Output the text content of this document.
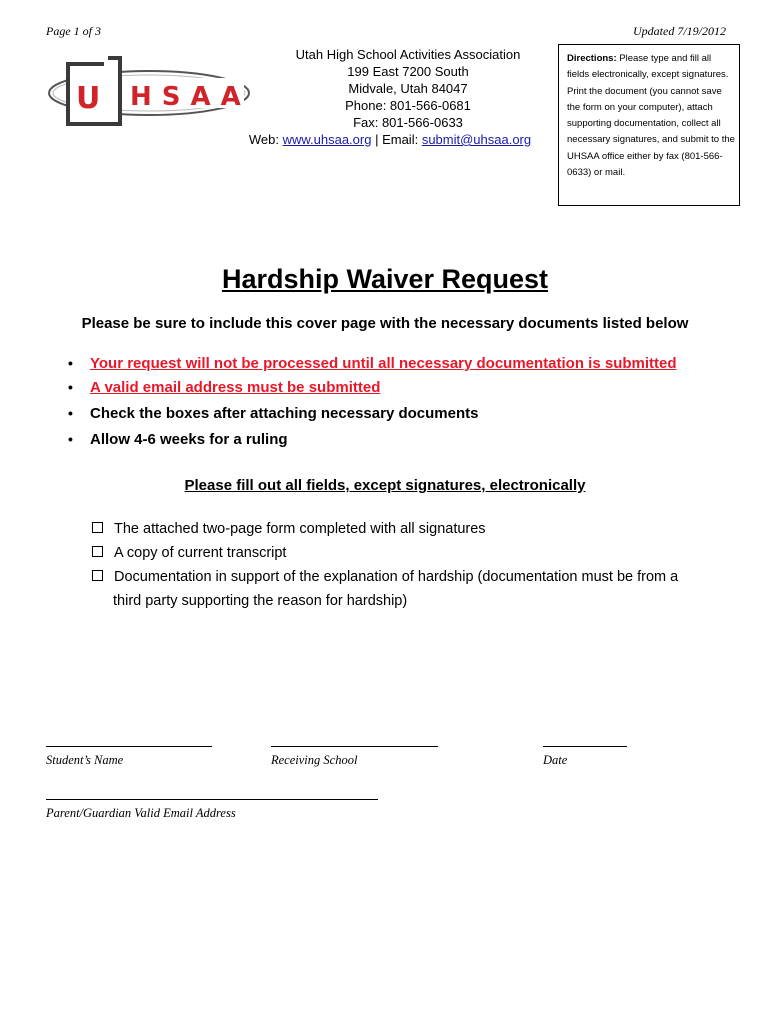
Page 1 of 3	Updated 7/19/2012
U HSAA
Utah High School Activities Association
199 East 7200 South
Midvale, Utah 84047
Phone: 801-566-0681
Fax: 801-566-0633
Web: www.uhsaa.org | Email: submit@uhsaa.org
Directions: Please type and fill all fields electronically, except signatures. Print the document (you cannot save the form on your computer), attach supporting documentation, collect all necessary signatures, and submit to the UHSAA office either by fax (801-566-0633) or mail.
Hardship Waiver Request
Please be sure to include this cover page with the necessary documents listed below
• Your request will not be processed until all necessary documentation is submitted
• A valid email address must be submitted
• Check the boxes after attaching necessary documents
• Allow 4-6 weeks for a ruling
Please fill out all fields, except signatures, electronically
The attached two-page form completed with all signatures
A copy of current transcript
Documentation in support of the explanation of hardship (documentation must be from a
third party supporting the reason for hardship)
Student’s Name	Receiving School	Date
Parent/Guardian Valid Email Address
